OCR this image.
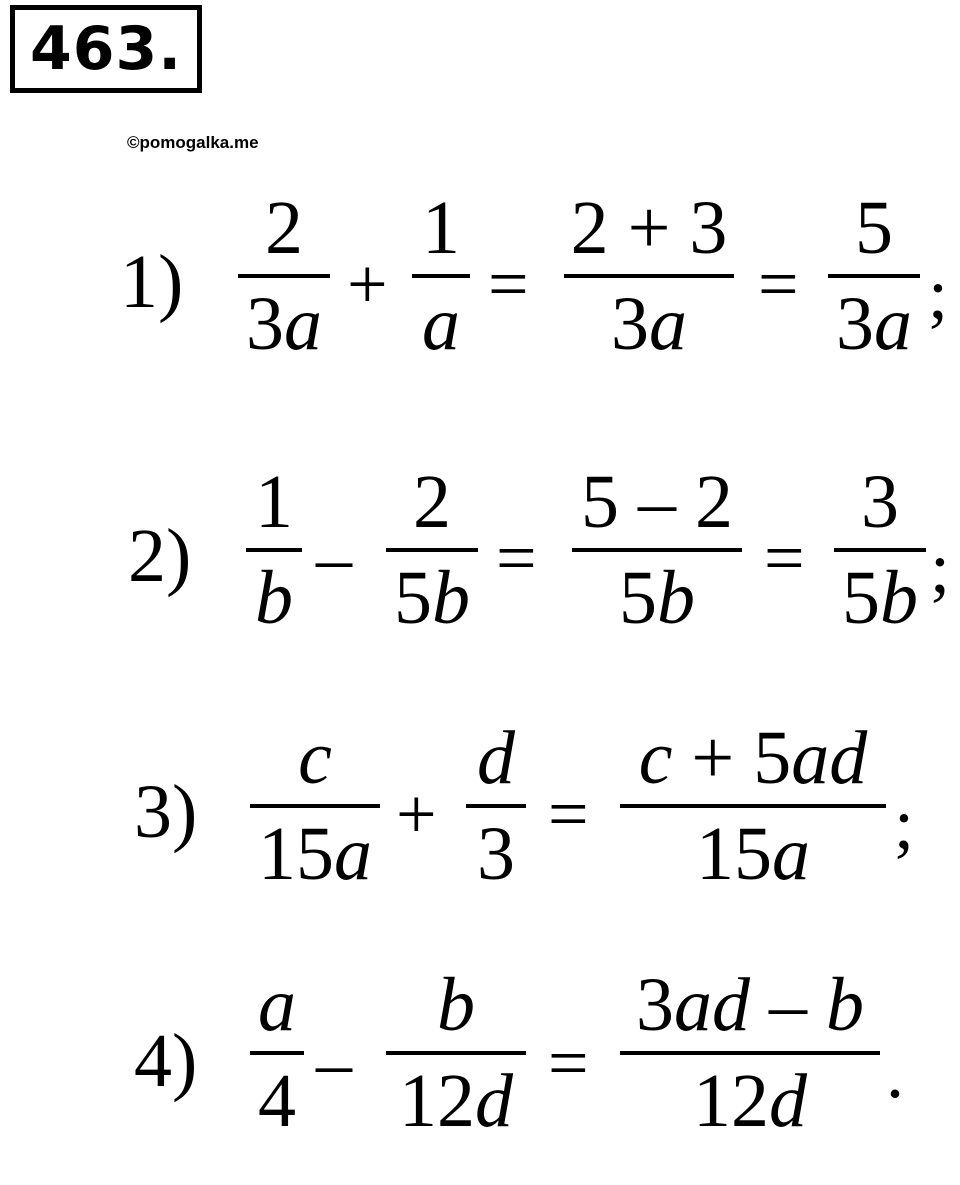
463.
©pomogalka.me
1)
2
3 a +
1
a =
2 + 3
3 a =
5
3 a ;
2)
1
b –
2
5 b =
5 – 2
5 b =
3
5 b ;
3)
c
15 a +
d
3 =
c + 5 ad
15 a ;
4)
a
4 –
b
12 d =
3 ad – b
12 d .
